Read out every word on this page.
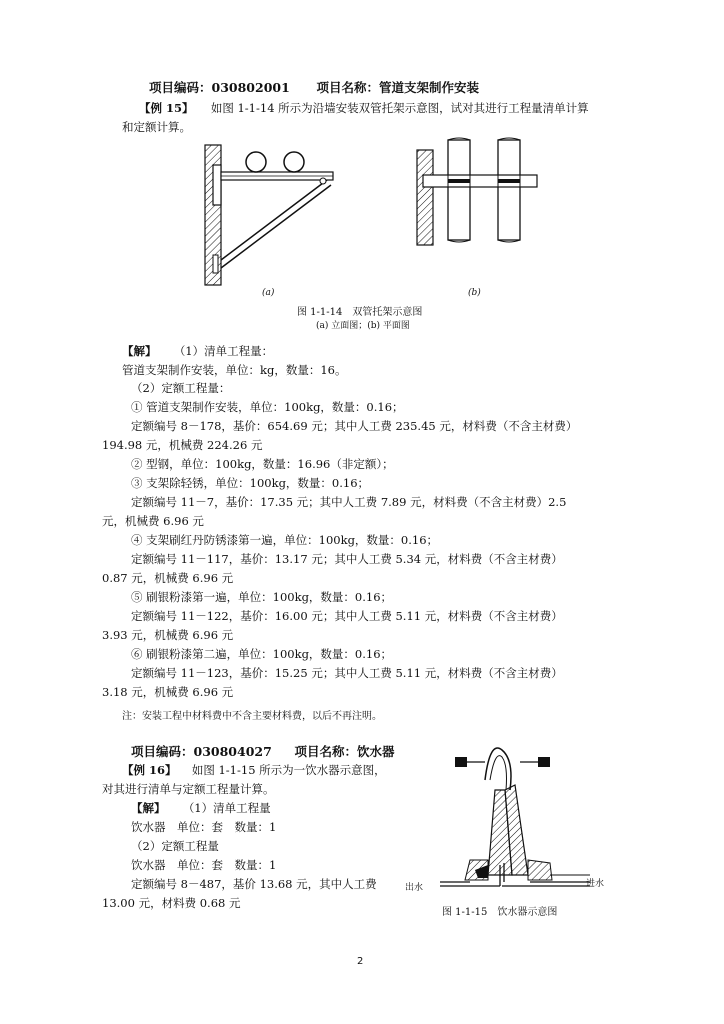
项目编码：030802001 项目名称：管道支架制作安装
【例 15】 如图 1-1-14 所示为沿墙安装双管托架示意图，试对其进行工程量清单计算
和定额计算。
(a)	(b)
图 1-1-14　双管托架示意图
(a) 立面图；(b) 平面图
【解】 （1）清单工程量：
管道支架制作安装，单位：kg，数量：16。
（2）定额工程量：
① 管道支架制作安装，单位：100kg，数量：0.16；
定额编号 8－178，基价：654.69 元；其中人工费 235.45 元，材料费（不含主材费）
194.98 元，机械费 224.26 元
② 型钢，单位：100kg，数量：16.96（非定额）；
③ 支架除轻锈，单位：100kg，数量：0.16；
定额编号 11－7，基价：17.35 元；其中人工费 7.89 元，材料费（不含主材费）2.5
元，机械费 6.96 元
④ 支架刷红丹防锈漆第一遍，单位：100kg，数量：0.16；
定额编号 11－117，基价：13.17 元；其中人工费 5.34 元，材料费（不含主材费）
0.87 元，机械费 6.96 元
⑤ 刷银粉漆第一遍，单位：100kg，数量：0.16；
定额编号 11－122，基价：16.00 元；其中人工费 5.11 元，材料费（不含主材费）
3.93 元，机械费 6.96 元
⑥ 刷银粉漆第二遍，单位：100kg，数量：0.16；
定额编号 11－123，基价：15.25 元；其中人工费 5.11 元，材料费（不含主材费）
3.18 元，机械费 6.96 元
注：安装工程中材料费中不含主要材料费，以后不再注明。
项目编码：030804027 项目名称：饮水器
【例 16】 如图 1-1-15 所示为一饮水器示意图，
对其进行清单与定额工程量计算。
【解】 （1）清单工程量
饮水器　单位：套　数量：1
（2）定额工程量
饮水器　单位：套　数量：1
定额编号 8－487，基价 13.68 元，其中人工费
13.00 元，材料费 0.68 元
出水	进水
图 1-1-15　饮水器示意图
2
